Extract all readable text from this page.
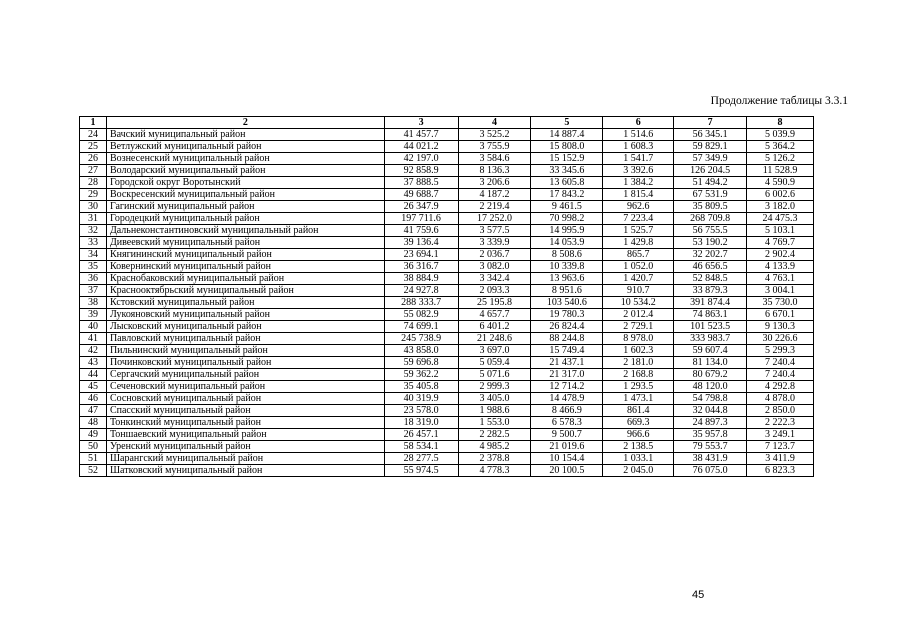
Продолжение таблицы 3.3.1
1	2	3	4	5	6	7	8
24	Вачский муниципальный район	41 457.7	3 525.2	14 887.4	1 514.6	56 345.1	5 039.9
25	Ветлужский муниципальный район	44 021.2	3 755.9	15 808.0	1 608.3	59 829.1	5 364.2
26	Вознесенский муниципальный район	42 197.0	3 584.6	15 152.9	1 541.7	57 349.9	5 126.2
27	Володарский муниципальный район	92 858.9	8 136.3	33 345.6	3 392.6	126 204.5	11 528.9
28	Городской округ Воротынский	37 888.5	3 206.6	13 605.8	1 384.2	51 494.2	4 590.9
29	Воскресенский муниципальный район	49 688.7	4 187.2	17 843.2	1 815.4	67 531.9	6 002.6
30	Гагинский муниципальный район	26 347.9	2 219.4	9 461.5	962.6	35 809.5	3 182.0
31	Городецкий муниципальный район	197 711.6	17 252.0	70 998.2	7 223.4	268 709.8	24 475.3
32	Дальнеконстантиновский муниципальный район	41 759.6	3 577.5	14 995.9	1 525.7	56 755.5	5 103.1
33	Дивеевский муниципальный район	39 136.4	3 339.9	14 053.9	1 429.8	53 190.2	4 769.7
34	Княгининский муниципальный район	23 694.1	2 036.7	8 508.6	865.7	32 202.7	2 902.4
35	Ковернинский муниципальный район	36 316.7	3 082.0	10 339.8	1 052.0	46 656.5	4 133.9
36	Краснобаковский муниципальный район	38 884.9	3 342.4	13 963.6	1 420.7	52 848.5	4 763.1
37	Краснооктябрьский муниципальный район	24 927.8	2 093.3	8 951.6	910.7	33 879.3	3 004.1
38	Кстовский муниципальный район	288 333.7	25 195.8	103 540.6	10 534.2	391 874.4	35 730.0
39	Лукояновский муниципальный район	55 082.9	4 657.7	19 780.3	2 012.4	74 863.1	6 670.1
40	Лысковский муниципальный район	74 699.1	6 401.2	26 824.4	2 729.1	101 523.5	9 130.3
41	Павловский муниципальный район	245 738.9	21 248.6	88 244.8	8 978.0	333 983.7	30 226.6
42	Пильнинский муниципальный район	43 858.0	3 697.0	15 749.4	1 602.3	59 607.4	5 299.3
43	Починковский муниципальный район	59 696.8	5 059.4	21 437.1	2 181.0	81 134.0	7 240.4
44	Сергачский муниципальный район	59 362.2	5 071.6	21 317.0	2 168.8	80 679.2	7 240.4
45	Сеченовский муниципальный район	35 405.8	2 999.3	12 714.2	1 293.5	48 120.0	4 292.8
46	Сосновский муниципальный район	40 319.9	3 405.0	14 478.9	1 473.1	54 798.8	4 878.0
47	Спасский муниципальный район	23 578.0	1 988.6	8 466.9	861.4	32 044.8	2 850.0
48	Тонкинский муниципальный район	18 319.0	1 553.0	6 578.3	669.3	24 897.3	2 222.3
49	Тоншаевский муниципальный район	26 457.1	2 282.5	9 500.7	966.6	35 957.8	3 249.1
50	Уренский муниципальный район	58 534.1	4 985.2	21 019.6	2 138.5	79 553.7	7 123.7
51	Шарангский муниципальный район	28 277.5	2 378.8	10 154.4	1 033.1	38 431.9	3 411.9
52	Шатковский муниципальный район	55 974.5	4 778.3	20 100.5	2 045.0	76 075.0	6 823.3
45
